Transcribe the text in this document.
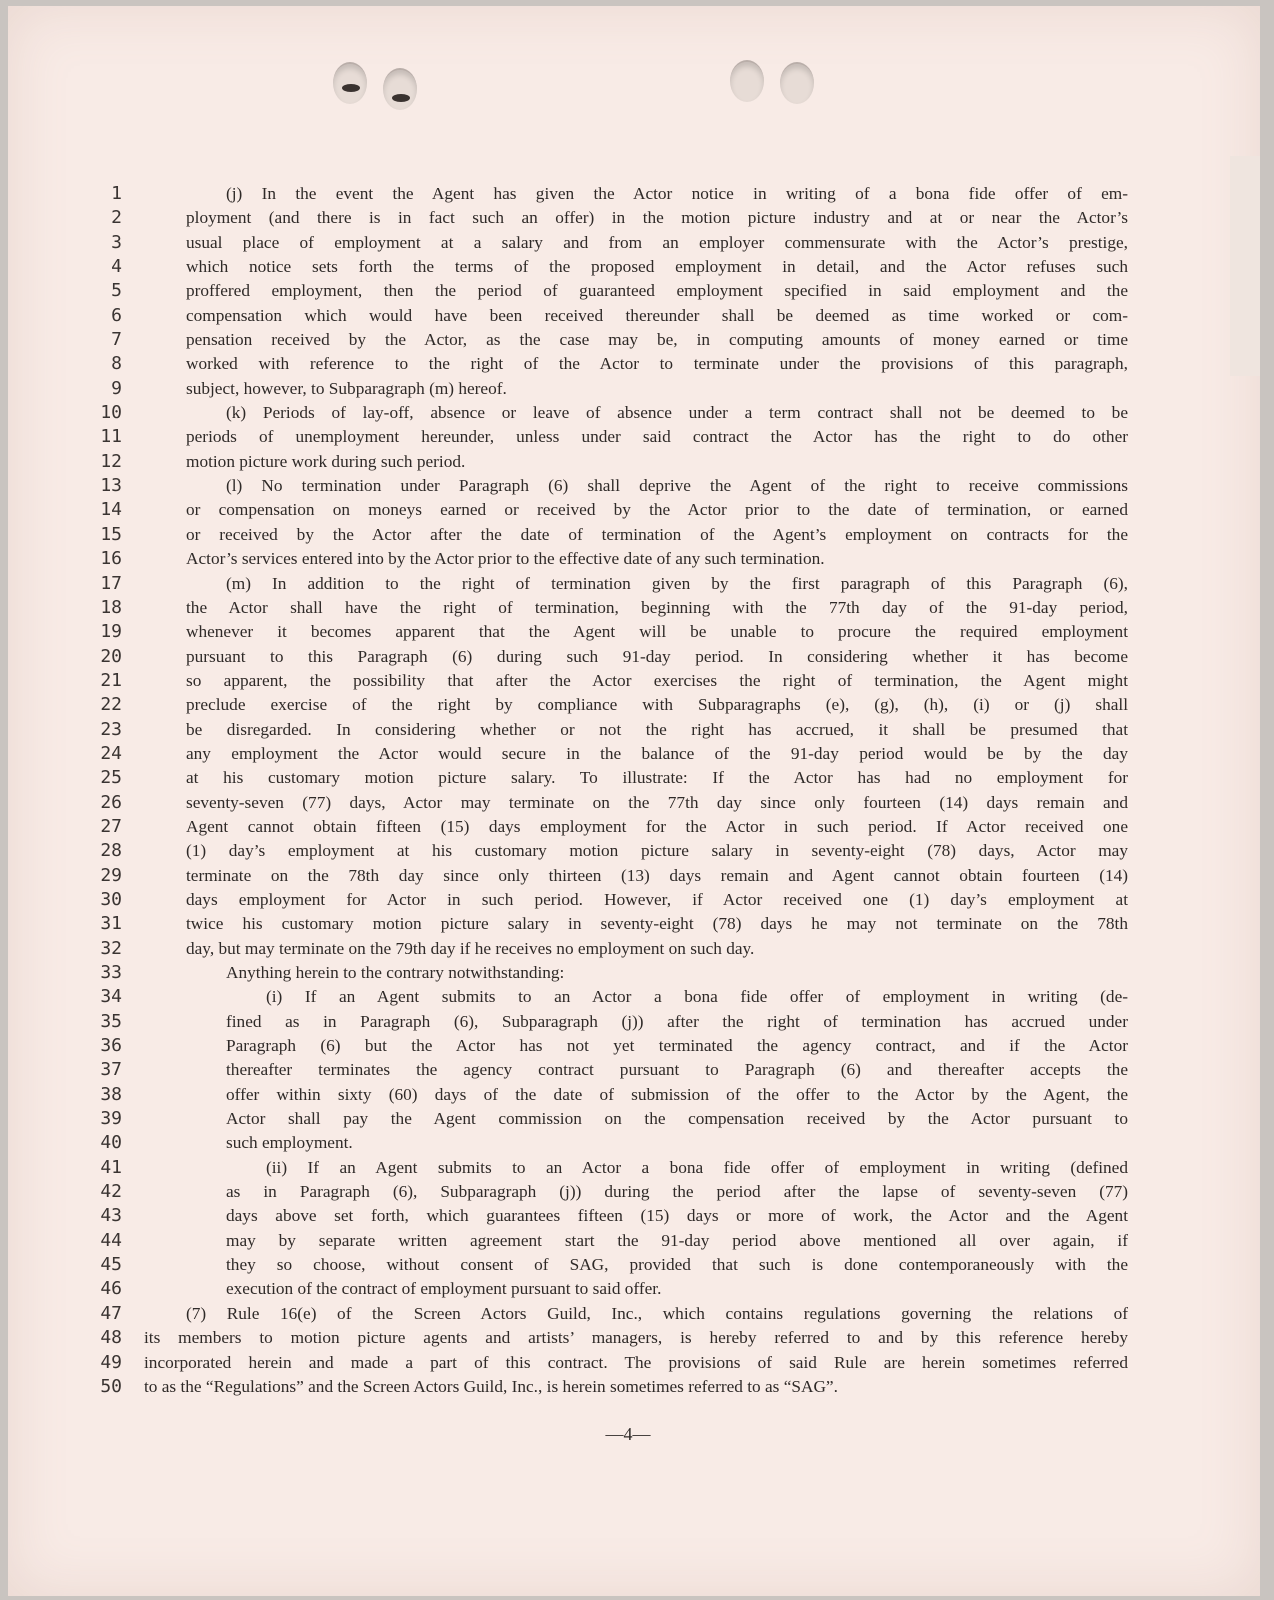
1	(j) In the event the Agent has given the Actor notice in writing of a bona fide offer of em-
2	ployment (and there is in fact such an offer) in the motion picture industry and at or near the Actor’s
3	usual place of employment at a salary and from an employer commensurate with the Actor’s prestige,
4	which notice sets forth the terms of the proposed employment in detail, and the Actor refuses such
5	proffered employment, then the period of guaranteed employment specified in said employment and the
6	compensation which would have been received thereunder shall be deemed as time worked or com-
7	pensation received by the Actor, as the case may be, in computing amounts of money earned or time
8	worked with reference to the right of the Actor to terminate under the provisions of this paragraph,
9	subject, however, to Subparagraph (m) hereof.
10	(k) Periods of lay-off, absence or leave of absence under a term contract shall not be deemed to be
11	periods of unemployment hereunder, unless under said contract the Actor has the right to do other
12	motion picture work during such period.
13	(l) No termination under Paragraph (6) shall deprive the Agent of the right to receive commissions
14	or compensation on moneys earned or received by the Actor prior to the date of termination, or earned
15	or received by the Actor after the date of termination of the Agent’s employment on contracts for the
16	Actor’s services entered into by the Actor prior to the effective date of any such termination.
17	(m) In addition to the right of termination given by the first paragraph of this Paragraph (6),
18	the Actor shall have the right of termination, beginning with the 77th day of the 91-day period,
19	whenever it becomes apparent that the Agent will be unable to procure the required employment
20	pursuant to this Paragraph (6) during such 91-day period. In considering whether it has become
21	so apparent, the possibility that after the Actor exercises the right of termination, the Agent might
22	preclude exercise of the right by compliance with Subparagraphs (e), (g), (h), (i) or (j) shall
23	be disregarded. In considering whether or not the right has accrued, it shall be presumed that
24	any employment the Actor would secure in the balance of the 91-day period would be by the day
25	at his customary motion picture salary. To illustrate: If the Actor has had no employment for
26	seventy-seven (77) days, Actor may terminate on the 77th day since only fourteen (14) days remain and
27	Agent cannot obtain fifteen (15) days employment for the Actor in such period. If Actor received one
28	(1) day’s employment at his customary motion picture salary in seventy-eight (78) days, Actor may
29	terminate on the 78th day since only thirteen (13) days remain and Agent cannot obtain fourteen (14)
30	days employment for Actor in such period. However, if Actor received one (1) day’s employment at
31	twice his customary motion picture salary in seventy-eight (78) days he may not terminate on the 78th
32	day, but may terminate on the 79th day if he receives no employment on such day.
33	Anything herein to the contrary notwithstanding:
34	(i) If an Agent submits to an Actor a bona fide offer of employment in writing (de-
35	fined as in Paragraph (6), Subparagraph (j)) after the right of termination has accrued under
36	Paragraph (6) but the Actor has not yet terminated the agency contract, and if the Actor
37	thereafter terminates the agency contract pursuant to Paragraph (6) and thereafter accepts the
38	offer within sixty (60) days of the date of submission of the offer to the Actor by the Agent, the
39	Actor shall pay the Agent commission on the compensation received by the Actor pursuant to
40	such employment.
41	(ii) If an Agent submits to an Actor a bona fide offer of employment in writing (defined
42	as in Paragraph (6), Subparagraph (j)) during the period after the lapse of seventy-seven (77)
43	days above set forth, which guarantees fifteen (15) days or more of work, the Actor and the Agent
44	may by separate written agreement start the 91-day period above mentioned all over again, if
45	they so choose, without consent of SAG, provided that such is done contemporaneously with the
46	execution of the contract of employment pursuant to said offer.
47	(7) Rule 16(e) of the Screen Actors Guild, Inc., which contains regulations governing the relations of
48 its members to motion picture agents and artists’ managers, is hereby referred to and by this reference hereby
49 incorporated herein and made a part of this contract. The provisions of said Rule are herein sometimes referred
50 to as the “Regulations” and the Screen Actors Guild, Inc., is herein sometimes referred to as “SAG”.
—4—
